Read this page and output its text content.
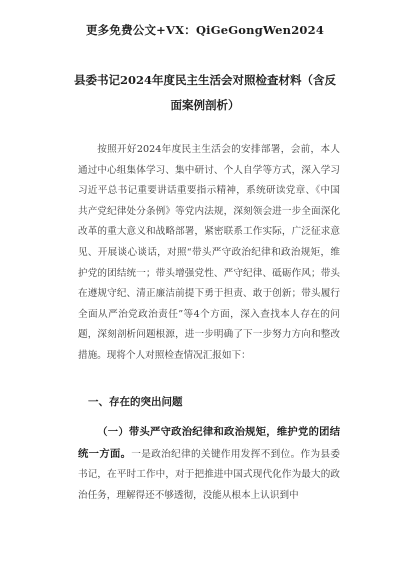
更多免费公文+VX：QiGeGongWen2024
县委书记2024年度民主生活会对照检查材料（含反面案例剖析）
按照开好2024年度民主生活会的安排部署，会前，本人通过中心组集体学习、集中研讨、个人自学等方式，深入学习习近平总书记重要讲话重要指示精神，系统研读党章、《中国共产党纪律处分条例》等党内法规，深刻领会进一步全面深化改革的重大意义和战略部署，紧密联系工作实际，广泛征求意见、开展谈心谈话，对照“带头严守政治纪律和政治规矩，维护党的团结统一；带头增强党性、严守纪律、砥砺作风；带头在遵规守纪、清正廉洁前提下勇于担责、敢于创新；带头履行全面从严治党政治责任”等4个方面，深入查找本人存在的问题，深刻剖析问题根源，进一步明确了下一步努力方向和整改措施。现将个人对照检查情况汇报如下：
一、存在的突出问题
（一）带头严守政治纪律和政治规矩，维护党的团结统一方面。一是政治纪律的关键作用发挥不到位。作为县委书记，在平时工作中，对于把推进中国式现代化作为最大的政治任务，理解得还不够透彻，没能从根本上认识到中
